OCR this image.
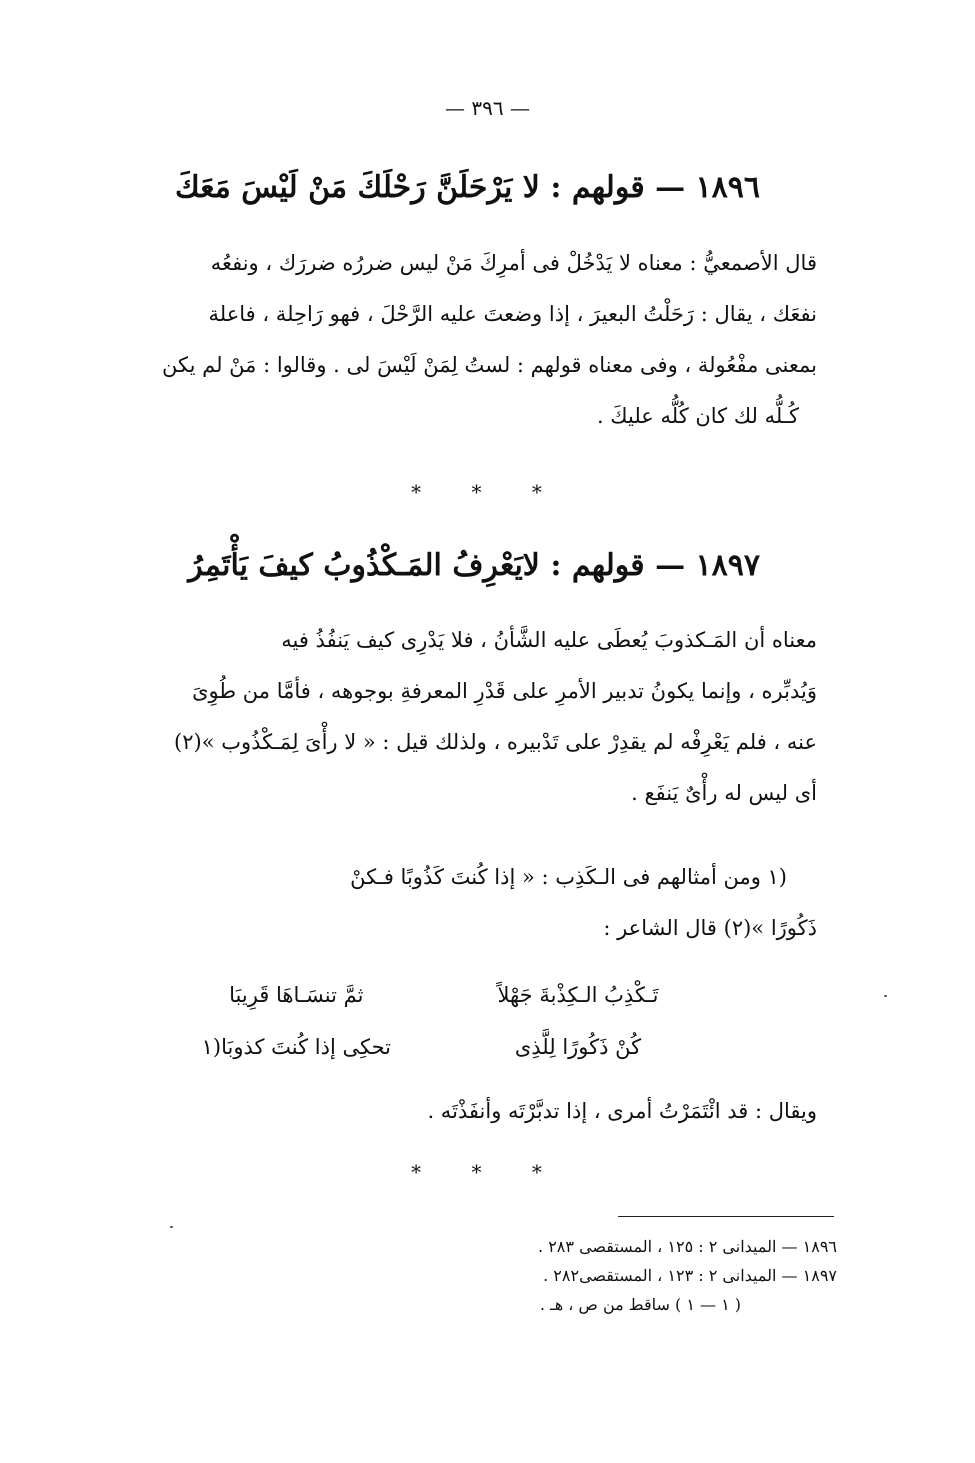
— ٣٩٦ —
١٨٩٦ — قولهم : لا يَرْحَلَنَّ رَحْلَكَ مَنْ لَيْسَ مَعَكَ

قال الأصمعيُّ : معناه لا يَدْخُلْ فى أمرِكَ مَنْ ليس ضررُه ضررَك ، ونفعُه

نفعَك ، يقال : رَحَلْتُ البعيرَ ، إذا وضعتَ عليه الرَّحْلَ ، فهو رَاحِلة ، فاعلة

بمعنى مفْعُولة ، وفى معناه قولهم : لستُ لِمَنْ لَيْسَ لى . وقالوا : مَنْ لم يكن

كُـلُّه لك كان كُلُّه عليكَ .

* * *
١٨٩٧ — قولهم : لايَعْرِفُ المَـكْذُوبُ كيفَ يَأْتَمِرُ

معناه أن المَـكذوبَ يُعطَى عليه الشَّأنُ ، فلا يَدْرِى كيف يَنفُذُ فيه

وَيُدبِّره ، وإنما يكونُ تدبير الأمرِ على قَدْرِ المعرفةِ بوجوهه ، فأمَّا من طُوِىَ

عنه ، فلم يَعْرِفْه لم يقدِرْ على تَدْبيره ، ولذلك قيل : « لا رأْىَ لِمَـكْذُوب »(٢)

أى ليس له رأْىٌ يَنفَع .

(١ ومن أمثالهم فى الـكَذِب : « إذا كُنتَ كَذُوبًا فـكنْ

ذَكُورًا »(٢) قال الشاعر :

تَـكْذِبُ الـكِذْبةَ جَهْلاً ثمَّ تنسَـاهَا قَرِيبَا
كُنْ ذَكُورًا لِلَّذِى تحكِى إذا كُنتَ كذوبَا(١

ويقال : قد ائْتَمَرْتُ أمرى ، إذا تدبَّرْتَه وأنفَذْتَه .

* * *
١٨٩٦ — الميدانى ٢ : ١٢٥ ، المستقصى ٢٨٣ .
١٨٩٧ — الميدانى ٢ : ١٢٣ ، المستقصى٢٨٢ .
( ١ — ١ ) ساقط من ص ، هـ .
